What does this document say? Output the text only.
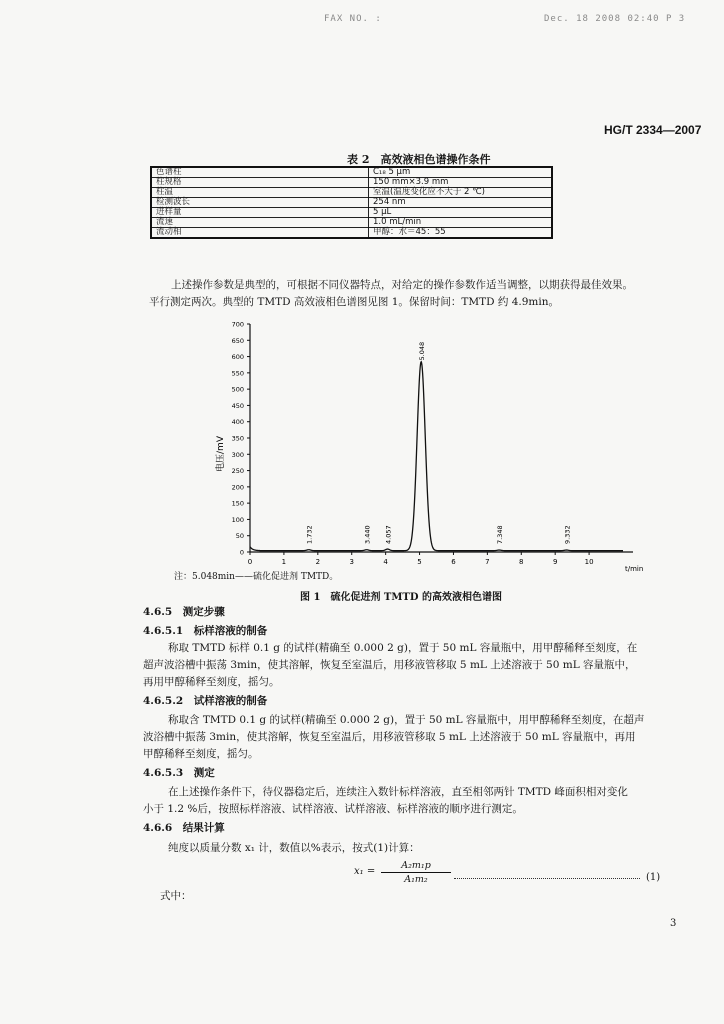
FAX NO. :	Dec. 18 2008 02:40 P 3
HG/T 2334—2007
表 2　高效液相色谱操作条件
色谱柱	C₁₈ 5 μm
柱规格	150 mm×3.9 mm
柱温	室温(温度变化应不大于 2 ℃)
检测波长	254 nm
进样量	5 μL
流速	1.0 mL/min
流动相	甲醇：水＝45：55
上述操作参数是典型的，可根据不同仪器特点，对给定的操作参数作适当调整，以期获得最佳效果。
平行测定两次。典型的 TMTD 高效液相色谱图见图 1。保留时间：TMTD 约 4.9min。
电压/mV
0
50
100
150
200
250
300
350
400
450
500
550
600
650
700
0	1	2	3	4	5	6	7	8	9	10
1.732	3.440 4.057
5.048
7.348	9.332
t/min
注：5.048min——硫化促进剂 TMTD。
图 1　硫化促进剂 TMTD 的高效液相色谱图
4.6.5　测定步骤
4.6.5.1　标样溶液的制备
称取 TMTD 标样 0.1 g 的试样(精确至 0.000 2 g)，置于 50 mL 容量瓶中，用甲醇稀释至刻度，在
超声波浴槽中振荡 3min，使其溶解，恢复至室温后，用移液管移取 5 mL 上述溶液于 50 mL 容量瓶中，
再用甲醇稀释至刻度，摇匀。
4.6.5.2　试样溶液的制备
称取含 TMTD 0.1 g 的试样(精确至 0.000 2 g)，置于 50 mL 容量瓶中，用甲醇稀释至刻度，在超声
波浴槽中振荡 3min，使其溶解，恢复至室温后，用移液管移取 5 mL 上述溶液于 50 mL 容量瓶中，再用
甲醇稀释至刻度，摇匀。
4.6.5.3　测定
在上述操作条件下，待仪器稳定后，连续注入数针标样溶液，直至相邻两针 TMTD 峰面积相对变化
小于 1.2 %后，按照标样溶液、试样溶液、试样溶液、标样溶液的顺序进行测定。
4.6.6　结果计算
纯度以质量分数 x₁ 计，数值以%表示，按式(1)计算：
x₁ =
A₂m₁p
A₁m₂	(1)
式中：
3
